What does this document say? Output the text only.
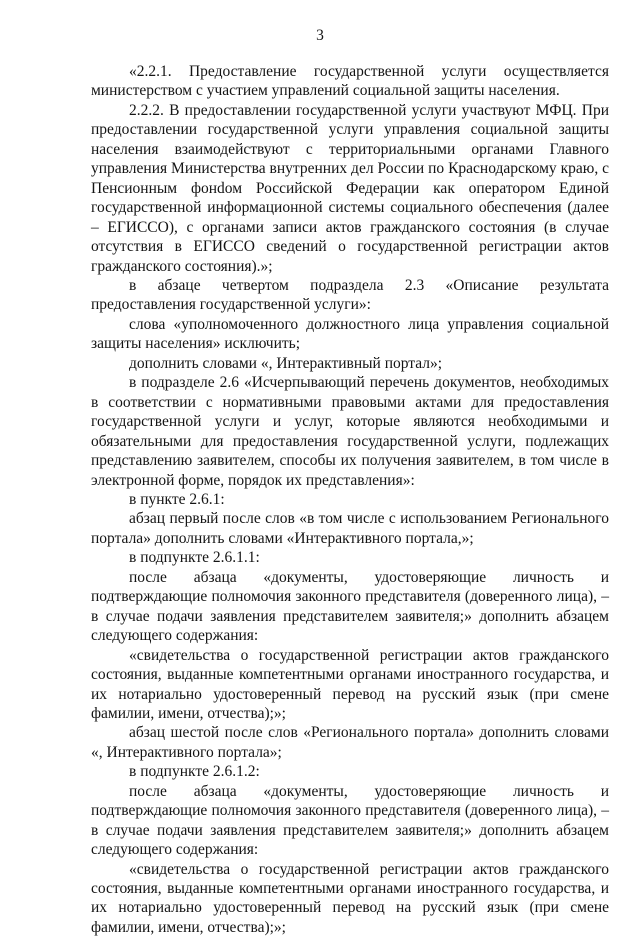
3

«2.2.1. Предоставление государственной услуги осуществляется министерством с участием управлений социальной защиты населения.

2.2.2. В предоставлении государственной услуги участвуют МФЦ. При предоставлении государственной услуги управления социальной защиты населения взаимодействуют с территориальными органами Главного управления Министерства внутренних дел России по Краснодарскому краю, с Пенсионным фонdом Российской Федерации как оператором Единой государственной информационной системы социального обеспечения (далее – ЕГИССО), с органами записи актов гражданского состояния (в случае отсутствия в ЕГИССО сведений о государственной регистрации актов гражданского состояния).»;

в абзаце четвертом подраздела 2.3 «Описание результата предоставления государственной услуги»:

слова «уполномоченного должностного лица управления социальной защиты населения» исключить;

дополнить словами «, Интерактивный портал»;

в подразделе 2.6 «Исчерпывающий перечень документов, необходимых в соответствии с нормативными правовыми актами для предоставления государственной услуги и услуг, которые являются необходимыми и обязательными для предоставления государственной услуги, подлежащих представлению заявителем, способы их получения заявителем, в том числе в электронной форме, порядок их представления»:

в пункте 2.6.1:

абзац первый после слов «в том числе с использованием Регионального портала» дополнить словами «Интерактивного портала,»;

в подпункте 2.6.1.1:

после абзаца «документы, удостоверяющие личность и подтверждающие полномочия законного представителя (доверенного лица), – в случае подачи заявления представителем заявителя;» дополнить абзацем следующего содержания:

«свидетельства о государственной регистрации актов гражданского состояния, выданные компетентными органами иностранного государства, и их нотариально удостоверенный перевод на русский язык (при смене фамилии, имени, отчества);»;

абзац шестой после слов «Регионального портала» дополнить словами «, Интерактивного портала»;

в подпункте 2.6.1.2:

после абзаца «документы, удостоверяющие личность и подтверждающие полномочия законного представителя (доверенного лица), – в случае подачи заявления представителем заявителя;» дополнить абзацем следующего содержания:

«свидетельства о государственной регистрации актов гражданского состояния, выданные компетентными органами иностранного государства, и их нотариально удостоверенный перевод на русский язык (при смене фамилии, имени, отчества);»;
